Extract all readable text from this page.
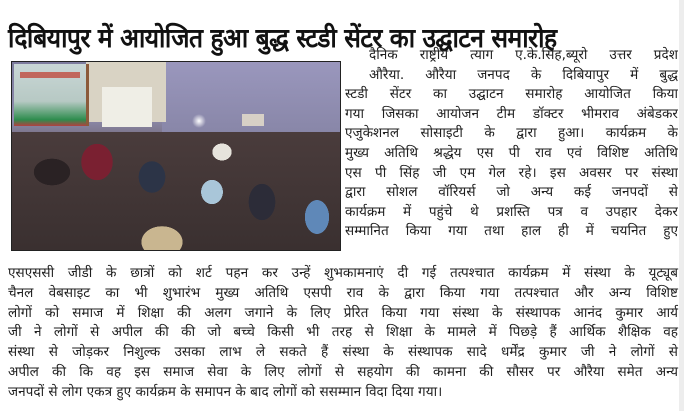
दिबियापुर में आयोजित हुआ बुद्ध स्टडी सेंटर का उद्घाटन समारोह
दैनिक राष्ट्रीय त्याग ए.के.सिंह,ब्यूरो उत्तर प्रदेश
औरैया. औरैया जनपद के दिबियापुर में बुद्ध
स्टडी सेंटर का उद्घाटन समारोह आयोजित किया
गया जिसका आयोजन टीम डॉक्टर भीमराव अंबेडकर
एजुकेशनल सोसाइटी के द्वारा हुआ। कार्यक्रम के
मुख्य अतिथि श्रद्धेय एस पी राव एवं विशिष्ट अतिथि
एस पी सिंह जी एम गेल रहे। इस अवसर पर संस्था
द्वारा सोशल वॉरियर्स जो अन्य कई जनपदों से
कार्यक्रम में पहुंचे थे प्रशस्ति पत्र व उपहार देकर
सम्मानित किया गया तथा हाल ही में चयनित हुए
एसएससी जीडी के छात्रों को शर्ट पहन कर उन्हें शुभकामनाएं दी गई तत्पश्चात कार्यक्रम में संस्था के यूट्यूब
चैनल वेबसाइट का भी शुभारंभ मुख्य अतिथि एसपी राव के द्वारा किया गया तत्पश्चात और अन्य विशिष्ट
लोगों को समाज में शिक्षा की अलग जगाने के लिए प्रेरित किया गया संस्था के संस्थापक आनंद कुमार आर्य
जी ने लोगों से अपील की की जो बच्चे किसी भी तरह से शिक्षा के मामले में पिछड़े हैं आर्थिक शैक्षिक वह
संस्था से जोड़कर निशुल्क उसका लाभ ले सकते हैं संस्था के संस्थापक सादे धर्मेंद्र कुमार जी ने लोगों से
अपील की कि वह इस समाज सेवा के लिए लोगों से सहयोग की कामना की सौसर पर औरैया समेत अन्य
जनपदों से लोग एकत्र हुए कार्यक्रम के समापन के बाद लोगों को ससम्मान विदा दिया गया।
